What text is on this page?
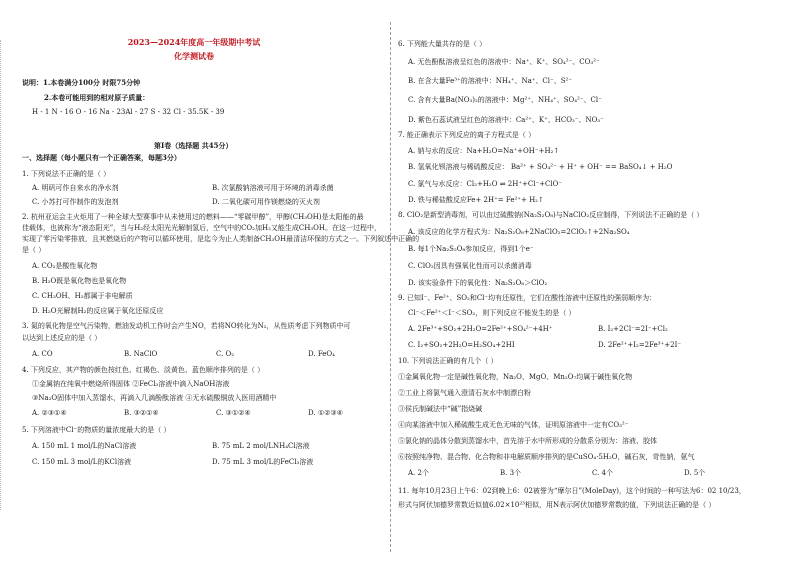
2023—2024年度高一年级期中考试
化学测试卷
说明：1.本卷满分100分 时限75分钟
2.本卷可能用到的相对原子质量：
H - 1 N - 16 O - 16 Na - 23Al - 27 S - 32 Cl - 35.5K - 39
第Ⅰ卷（选择题 共45分）
一、选择题（每小题只有一个正确答案，每题3分）
1. 下列说法不正确的是（ ）
A. 明矾可作自来水的净水剂	B. 次氯酸钠溶液可用于环境的消毒杀菌
C. 小苏打可作制作的发泡剂	D. 二氧化碳可用作镁燃烧的灭火剂
2. 杭州亚运会主火炬用了一种全球大型赛事中从未使用过的燃料——“零碳甲醇”，甲醇(CH₃OH)是太阳能的最
佳载体，也被称为“液态阳光”，当与H₂经太阳光光解制氢后，空气中的CO₂加H₂又能生成CH₃OH。在这一过程中，
实现了零污染零排放，且其燃烧后的产物可以循环使用，是迄今为止人类制备CH₃OH最清洁环保的方式之一。下列叙述中正确的
是（ ）
A. CO₂是酸性氧化物
B. H₂O既是氧化物也是氧化物
C. CH₃OH、H₂都属于非电解质
D. H₂O光解制H₂的反应属于氧化还原反应
3. 氮的氧化物是空气污染物，燃油发动机工作时会产生NO，若将NO转化为N₂，从性质考虑下列物质中可
以达到上述反应的是（ ）
A. CO	B. NaClO	C. O₂	D. FeO₄
4. 下列反应，其产物的颜色按红色、红褐色、淡黄色、蓝色顺序排列的是（ ）
①金属钠在纯氧中燃烧所得固体 ②FeCl₃溶液中滴入NaOH溶液
③Na₂O固体中加入蒸馏水，再滴入几滴酚酞溶液 ④无水硫酸铜放入医用酒精中
A. ②③①④	B. ③②①④	C. ③①②④	D. ①②③④
5. 下列溶液中Cl⁻的物质的量浓度最大的是（ ）
A. 150 mL 1 mol/L的NaCl溶液	B. 75 mL 2 mol/LNH₄Cl溶液
C. 150 mL 3 mol/L的KCl溶液	D. 75 mL 3 mol/L的FeCl₃溶液
6. 下列能大量共存的是（ ）
A. 无色酚酞溶液呈红色的溶液中：Na⁺、K⁺、SO₄²⁻、CO₃²⁻
B. 在含大量Fe³⁺的溶液中：NH₄⁺、Na⁺、Cl⁻、S²⁻
C. 含有大量Ba(NO₃)₂的溶液中：Mg²⁺、NH₄⁺、SO₄²⁻、Cl⁻
D. 紫色石蕊试液呈红色的溶液中：Ca²⁺、K⁺、HCO₃⁻、NO₃⁻
7. 能正确表示下列反应的离子方程式是（ ）
A. 钠与水的反应：Na+H₂O=Na⁺+OH⁻+H₂↑
B. 氢氧化钡溶液与稀硫酸反应： Ba²⁺ + SO₄²⁻ + H⁺ + OH⁻ == BaSO₄↓ + H₂O
C. 氯气与水反应：Cl₂+H₂O ⇌ 2H⁺+Cl⁻+ClO⁻
D. 铁与稀盐酸反应Fe+ 2H⁺= Fe²⁺+ H₂↑
8. ClO₂是新型消毒剂，可以由过硫酸钠(Na₂S₂O₈)与NaClO₂反应制得，下列说法不正确的是（ ）
A. 该反应的化学方程式为：Na₂S₂O₈+2NaClO₂=2ClO₂↑+2Na₂SO₄
B. 每1个Na₂S₂O₈参加反应，得到1个e⁻
C. ClO₂因具有强氧化性而可以杀菌消毒
D. 该实验条件下的氧化性：Na₂S₂O₈＞ClO₂
9. 已知I⁻、Fe²⁺、SO₂和Cl⁻均有还原性，它们在酸性溶液中还原性的强弱顺序为：
Cl⁻＜Fe²⁺＜I⁻＜SO₂，则下列反应不能发生的是（ ）
A. 2Fe³⁺+SO₂+2H₂O=2Fe²⁺+SO₄²⁻+4H⁺	B. I₂+2Cl⁻=2I⁻+Cl₂
C. I₂+SO₂+2H₂O=H₂SO₄+2HI	D. 2Fe²⁺+I₂=2Fe³⁺+2I⁻
10. 下列说法正确的有几个（ ）
①金属氧化物一定是碱性氧化物，Na₂O、MgO、Mn₂O₇均属于碱性氧化物
②工业上将氯气通入澄清石灰水中制漂白粉
③侯氏制碱法中“碱”指烧碱
④向某溶液中加入稀硫酸生成无色无味的气体，证明原溶液中一定有CO₃²⁻
⑤氯化钠的晶体分散到蒸馏水中，首先溶于水中所形成的分散系分别为：溶液、胶体
⑥按照纯净物、混合物、化合物和非电解质顺序排列的是CuSO₄·5H₂O，碱石灰，苛性钠，氨气
A. 2个	B. 3个	C. 4个	D. 5个
11. 每年10月23日上午6：02到晚上6：02被誉为“摩尔日”(MoleDay)，这个时间的一种写法为6：02 10/23，
形式与阿伏加德罗常数近似值6.02×10²³相似，用N表示阿伏加德罗常数的值，下列说法正确的是（ ）
